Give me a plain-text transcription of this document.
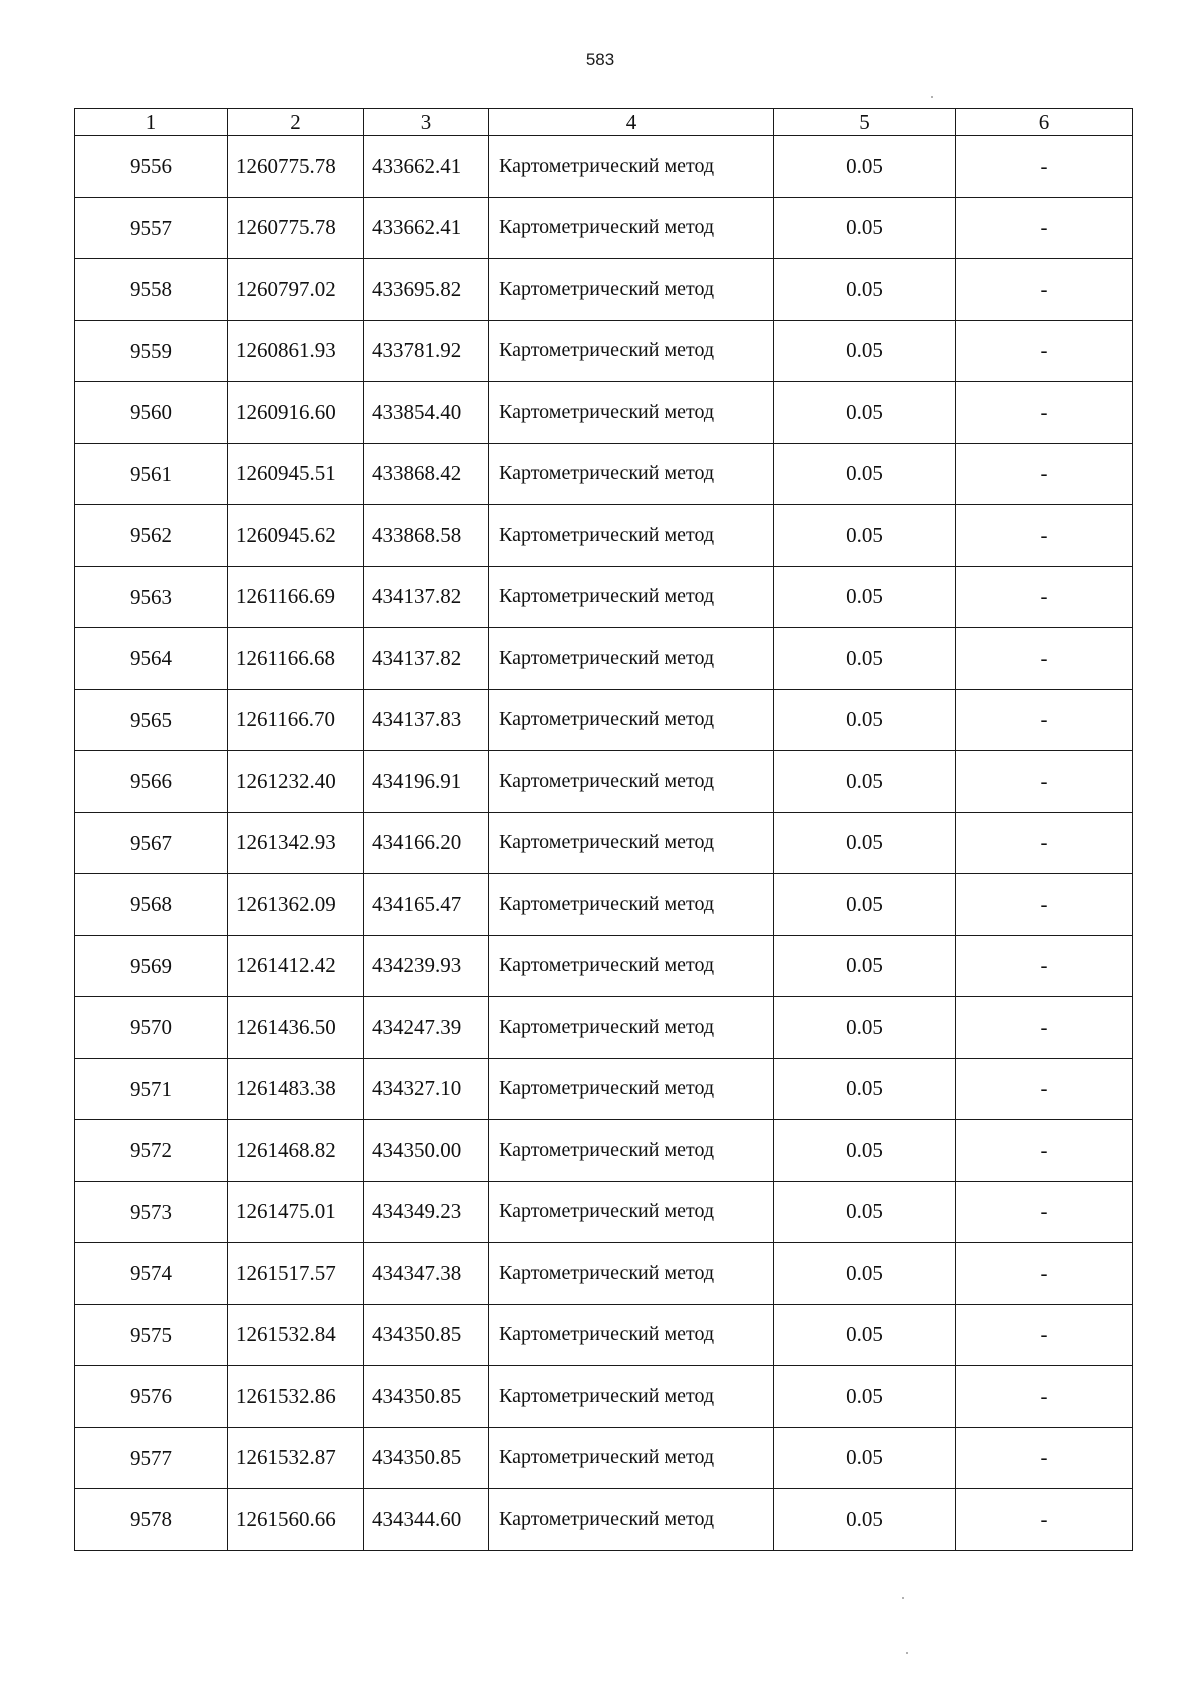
583
1	2	3	4	5	6
9556	1260775.78	433662.41	Картометрический метод	0.05	-
9557	1260775.78	433662.41	Картометрический метод	0.05	-
9558	1260797.02	433695.82	Картометрический метод	0.05	-
9559	1260861.93	433781.92	Картометрический метод	0.05	-
9560	1260916.60	433854.40	Картометрический метод	0.05	-
9561	1260945.51	433868.42	Картометрический метод	0.05	-
9562	1260945.62	433868.58	Картометрический метод	0.05	-
9563	1261166.69	434137.82	Картометрический метод	0.05	-
9564	1261166.68	434137.82	Картометрический метод	0.05	-
9565	1261166.70	434137.83	Картометрический метод	0.05	-
9566	1261232.40	434196.91	Картометрический метод	0.05	-
9567	1261342.93	434166.20	Картометрический метод	0.05	-
9568	1261362.09	434165.47	Картометрический метод	0.05	-
9569	1261412.42	434239.93	Картометрический метод	0.05	-
9570	1261436.50	434247.39	Картометрический метод	0.05	-
9571	1261483.38	434327.10	Картометрический метод	0.05	-
9572	1261468.82	434350.00	Картометрический метод	0.05	-
9573	1261475.01	434349.23	Картометрический метод	0.05	-
9574	1261517.57	434347.38	Картометрический метод	0.05	-
9575	1261532.84	434350.85	Картометрический метод	0.05	-
9576	1261532.86	434350.85	Картометрический метод	0.05	-
9577	1261532.87	434350.85	Картометрический метод	0.05	-
9578	1261560.66	434344.60	Картометрический метод	0.05	-
